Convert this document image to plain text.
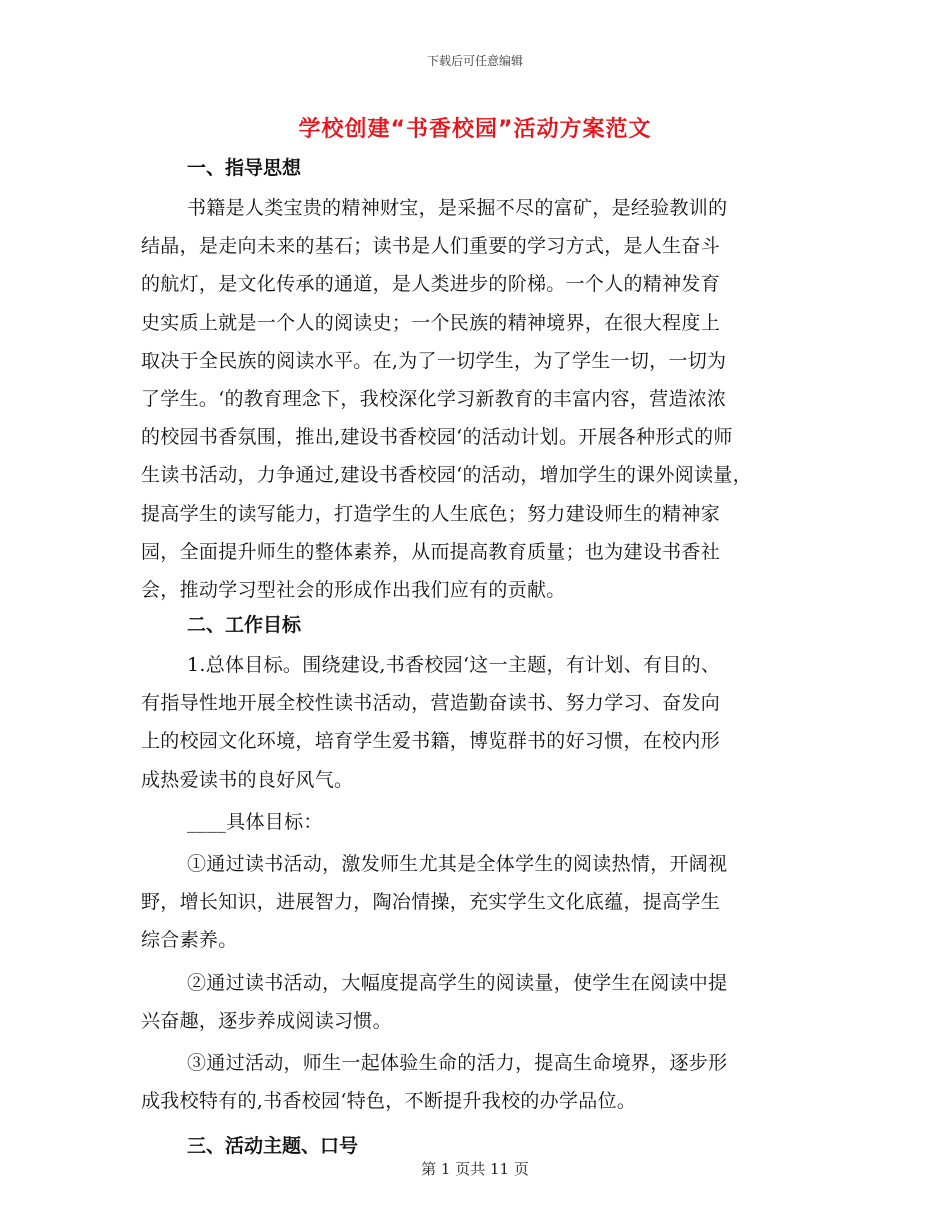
下载后可任意编辑
学校创建“书香校园”活动方案范文
一、指导思想
书籍是人类宝贵的精神财宝，是采掘不尽的富矿，是经验教训的
结晶，是走向未来的基石；读书是人们重要的学习方式，是人生奋斗
的航灯，是文化传承的通道，是人类进步的阶梯。一个人的精神发育
史实质上就是一个人的阅读史；一个民族的精神境界，在很大程度上
取决于全民族的阅读水平。在,为了一切学生，为了学生一切，一切为
了学生。‘的教育理念下，我校深化学习新教育的丰富内容，营造浓浓
的校园书香氛围，推出,建设书香校园‘的活动计划。开展各种形式的师
生读书活动，力争通过,建设书香校园‘的活动，增加学生的课外阅读量，
提高学生的读写能力，打造学生的人生底色；努力建设师生的精神家
园，全面提升师生的整体素养，从而提高教育质量；也为建设书香社
会，推动学习型社会的形成作出我们应有的贡献。
二、工作目标
1.总体目标。围绕建设,书香校园‘这一主题，有计划、有目的、
有指导性地开展全校性读书活动，营造勤奋读书、努力学习、奋发向
上的校园文化环境，培育学生爱书籍，博览群书的好习惯，在校内形
成热爱读书的良好风气。
____具体目标：
①通过读书活动，激发师生尤其是全体学生的阅读热情，开阔视
野，增长知识，进展智力，陶冶情操，充实学生文化底蕴，提高学生
综合素养。
②通过读书活动，大幅度提高学生的阅读量，使学生在阅读中提
兴奋趣，逐步养成阅读习惯。
③通过活动，师生一起体验生命的活力，提高生命境界，逐步形
成我校特有的,书香校园‘特色，不断提升我校的办学品位。
三、活动主题、口号
第 1 页共 11 页
